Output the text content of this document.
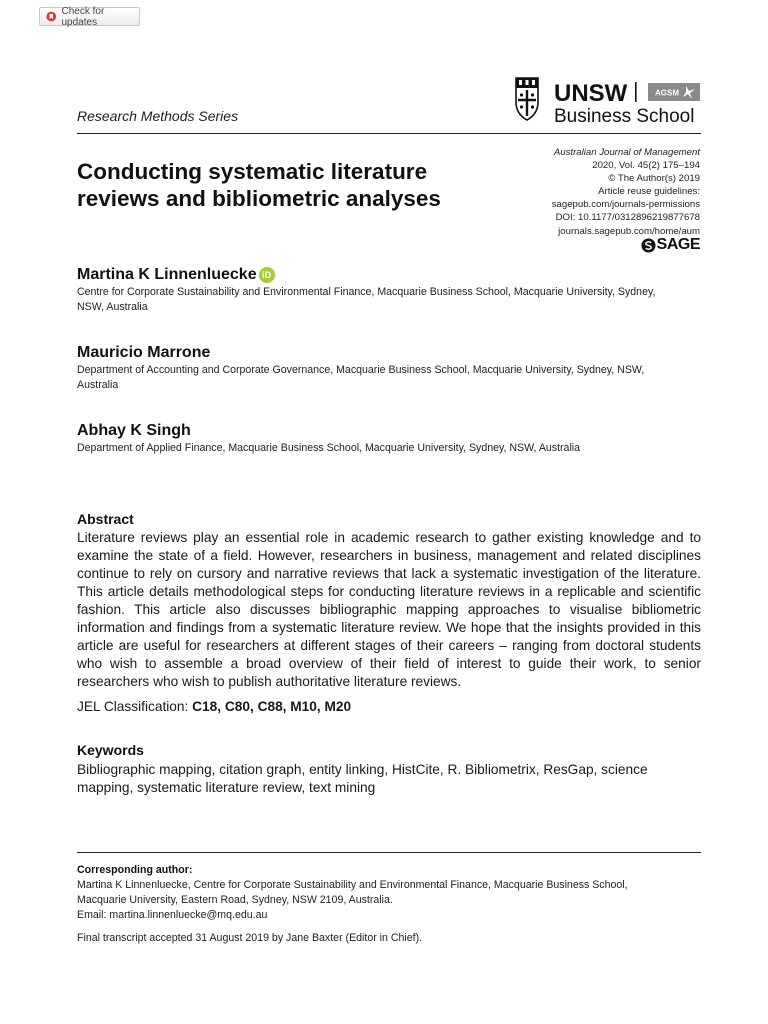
Check for updates
Research Methods Series
UNSW	AGSM
Business School
Australian Journal of Management
2020, Vol. 45(2) 175–194
© The Author(s) 2019
Article reuse guidelines:
sagepub.com/journals-permissions
DOI: 10.1177/0312896219877678
journals.sagepub.com/home/aum
SAGE
Conducting systematic literature reviews and bibliometric analyses
Martina K Linnenluecke iD
Centre for Corporate Sustainability and Environmental Finance, Macquarie Business School, Macquarie University, Sydney, NSW, Australia
Mauricio Marrone
Department of Accounting and Corporate Governance, Macquarie Business School, Macquarie University, Sydney, NSW, Australia
Abhay K Singh
Department of Applied Finance, Macquarie Business School, Macquarie University, Sydney, NSW, Australia
Abstract

Literature reviews play an essential role in academic research to gather existing knowledge and to examine the state of a field. However, researchers in business, management and related disciplines continue to rely on cursory and narrative reviews that lack a systematic investigation of the literature. This article details methodological steps for conducting literature reviews in a replicable and scientific fashion. This article also discusses bibliographic mapping approaches to visualise bibliometric information and findings from a systematic literature review. We hope that the insights provided in this article are useful for researchers at different stages of their careers – ranging from doctoral students who wish to assemble a broad overview of their field of interest to guide their work, to senior researchers who wish to publish authoritative literature reviews.

JEL Classification: C18, C80, C88, M10, M20
Keywords
Bibliographic mapping, citation graph, entity linking, HistCite, R. Bibliometrix, ResGap, science mapping, systematic literature review, text mining
Corresponding author:
Martina K Linnenluecke, Centre for Corporate Sustainability and Environmental Finance, Macquarie Business School,
Macquarie University, Eastern Road, Sydney, NSW 2109, Australia.
Email: martina.linnenluecke@mq.edu.au
Final transcript accepted 31 August 2019 by Jane Baxter (Editor in Chief).
